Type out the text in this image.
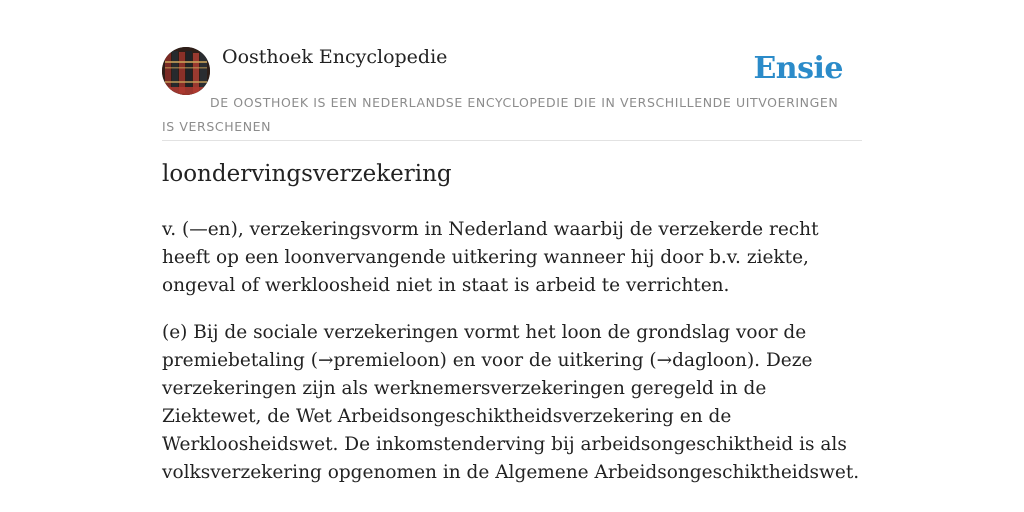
Oosthoek Encyclopedie	Ensie
DE OOSTHOEK IS EEN NEDERLANDSE ENCYCLOPEDIE DIE IN VERSCHILLENDE UITVOERINGEN IS VERSCHENEN
loondervingsverzekering

v. (—en), verzekeringsvorm in Nederland waarbij de verzekerde recht heeft op een loonvervangende uitkering wanneer hij door b.v. ziekte, ongeval of werkloosheid niet in staat is arbeid te verrichten.

(e) Bij de sociale verzekeringen vormt het loon de grondslag voor de premiebetaling (→premieloon) en voor de uitkering (→dagloon). Deze verzekeringen zijn als werknemersverzekeringen geregeld in de Ziektewet, de Wet Arbeidsongeschiktheidsverzekering en de Werkloosheidswet. De inkomstenderving bij arbeidsongeschiktheid is als volksverzekering opgenomen in de Algemene Arbeidsongeschiktheidswet.
